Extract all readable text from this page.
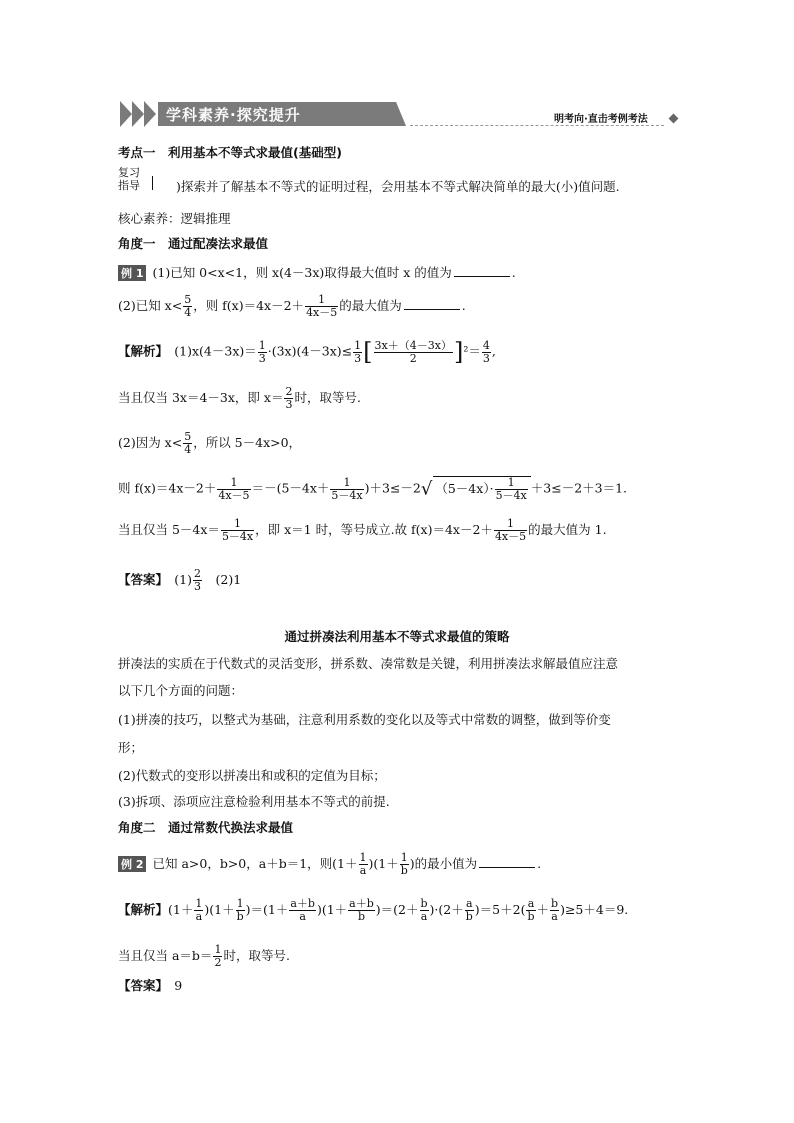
学科素养·探究提升	明考向·直击考例考法
考点一　利用基本不等式求最值(基础型)
复习
指导	)探索并了解基本不等式的证明过程，会用基本不等式解决简单的最大(小)值问题.
核心素养：逻辑推理
角度一　通过配凑法求最值
例 1 (1)已知 0<x<1，则 x(4－3x)取得最大值时 x 的值为	.
(2)已知 $x< \frac{5}{4}$ ，则 $f(x)=4x-2+ \frac{1}{4x-5}$ 的最大值为	.
【解析】　 $(1)x(4-3x)= \frac{1}{3} \cdot(3x)(4-3x)\le \frac{1}{3}$ [ $\frac{3x+(4-3x)}{2} ]^2= \frac{4}{3}$ ,
当且仅当 3x＝4－3x，即 $x= \frac{2}{3}$ 时，取等号.
(2)因为 $x< \frac{5}{4}$ ，所以 5－4x>0，
则 $f(x)=4x-2+ \frac{1}{4x-5} =-(5-4x+ \frac{1}{5-4x} )+3\le-2√$ $(5-4x)\cdot \frac{1}{5-4x} +3\le-2+3=1$.
当且仅当 $5-4x= \frac{1}{5-4x}$ ，即 x＝1 时，等号成立.故 $f(x)=4x-2+ \frac{1}{4x-5}$ 的最大值为 1.
【答案】　 $(1) \frac{2}{3}$
　 (2)1
通过拼凑法利用基本不等式求最值的策略
拼凑法的实质在于代数式的灵活变形，拼系数、凑常数是关键，利用拼凑法求解最值应注意
以下几个方面的问题：
(1)拼凑的技巧，以整式为基础，注意利用系数的变化以及等式中常数的调整，做到等价变
形；
(2)代数式的变形以拼凑出和或积的定值为目标；
(3)拆项、添项应注意检验利用基本不等式的前提.
角度二　通过常数代换法求最值
例 2 已知 a>0，b>0，a＋b＝1，则$(1+ \frac{1}{a} )(1+ \frac{1}{b}$ )的最小值为	.
【解析】$(1+ \frac{1}{a} )(1+ \frac{1}{b} )=(1+ \frac{a+b}{a} )(1+ \frac{a+b}{b} )=(2+ \frac{b}{a} )\cdot(2+ \frac{a}{b} )=5+2( \frac{a}{b} + \frac{b}{a} )\ge 5+4=9$.
当且仅当 $a=b= \frac{1}{2}$ 时，取等号.
【答案】　 9
